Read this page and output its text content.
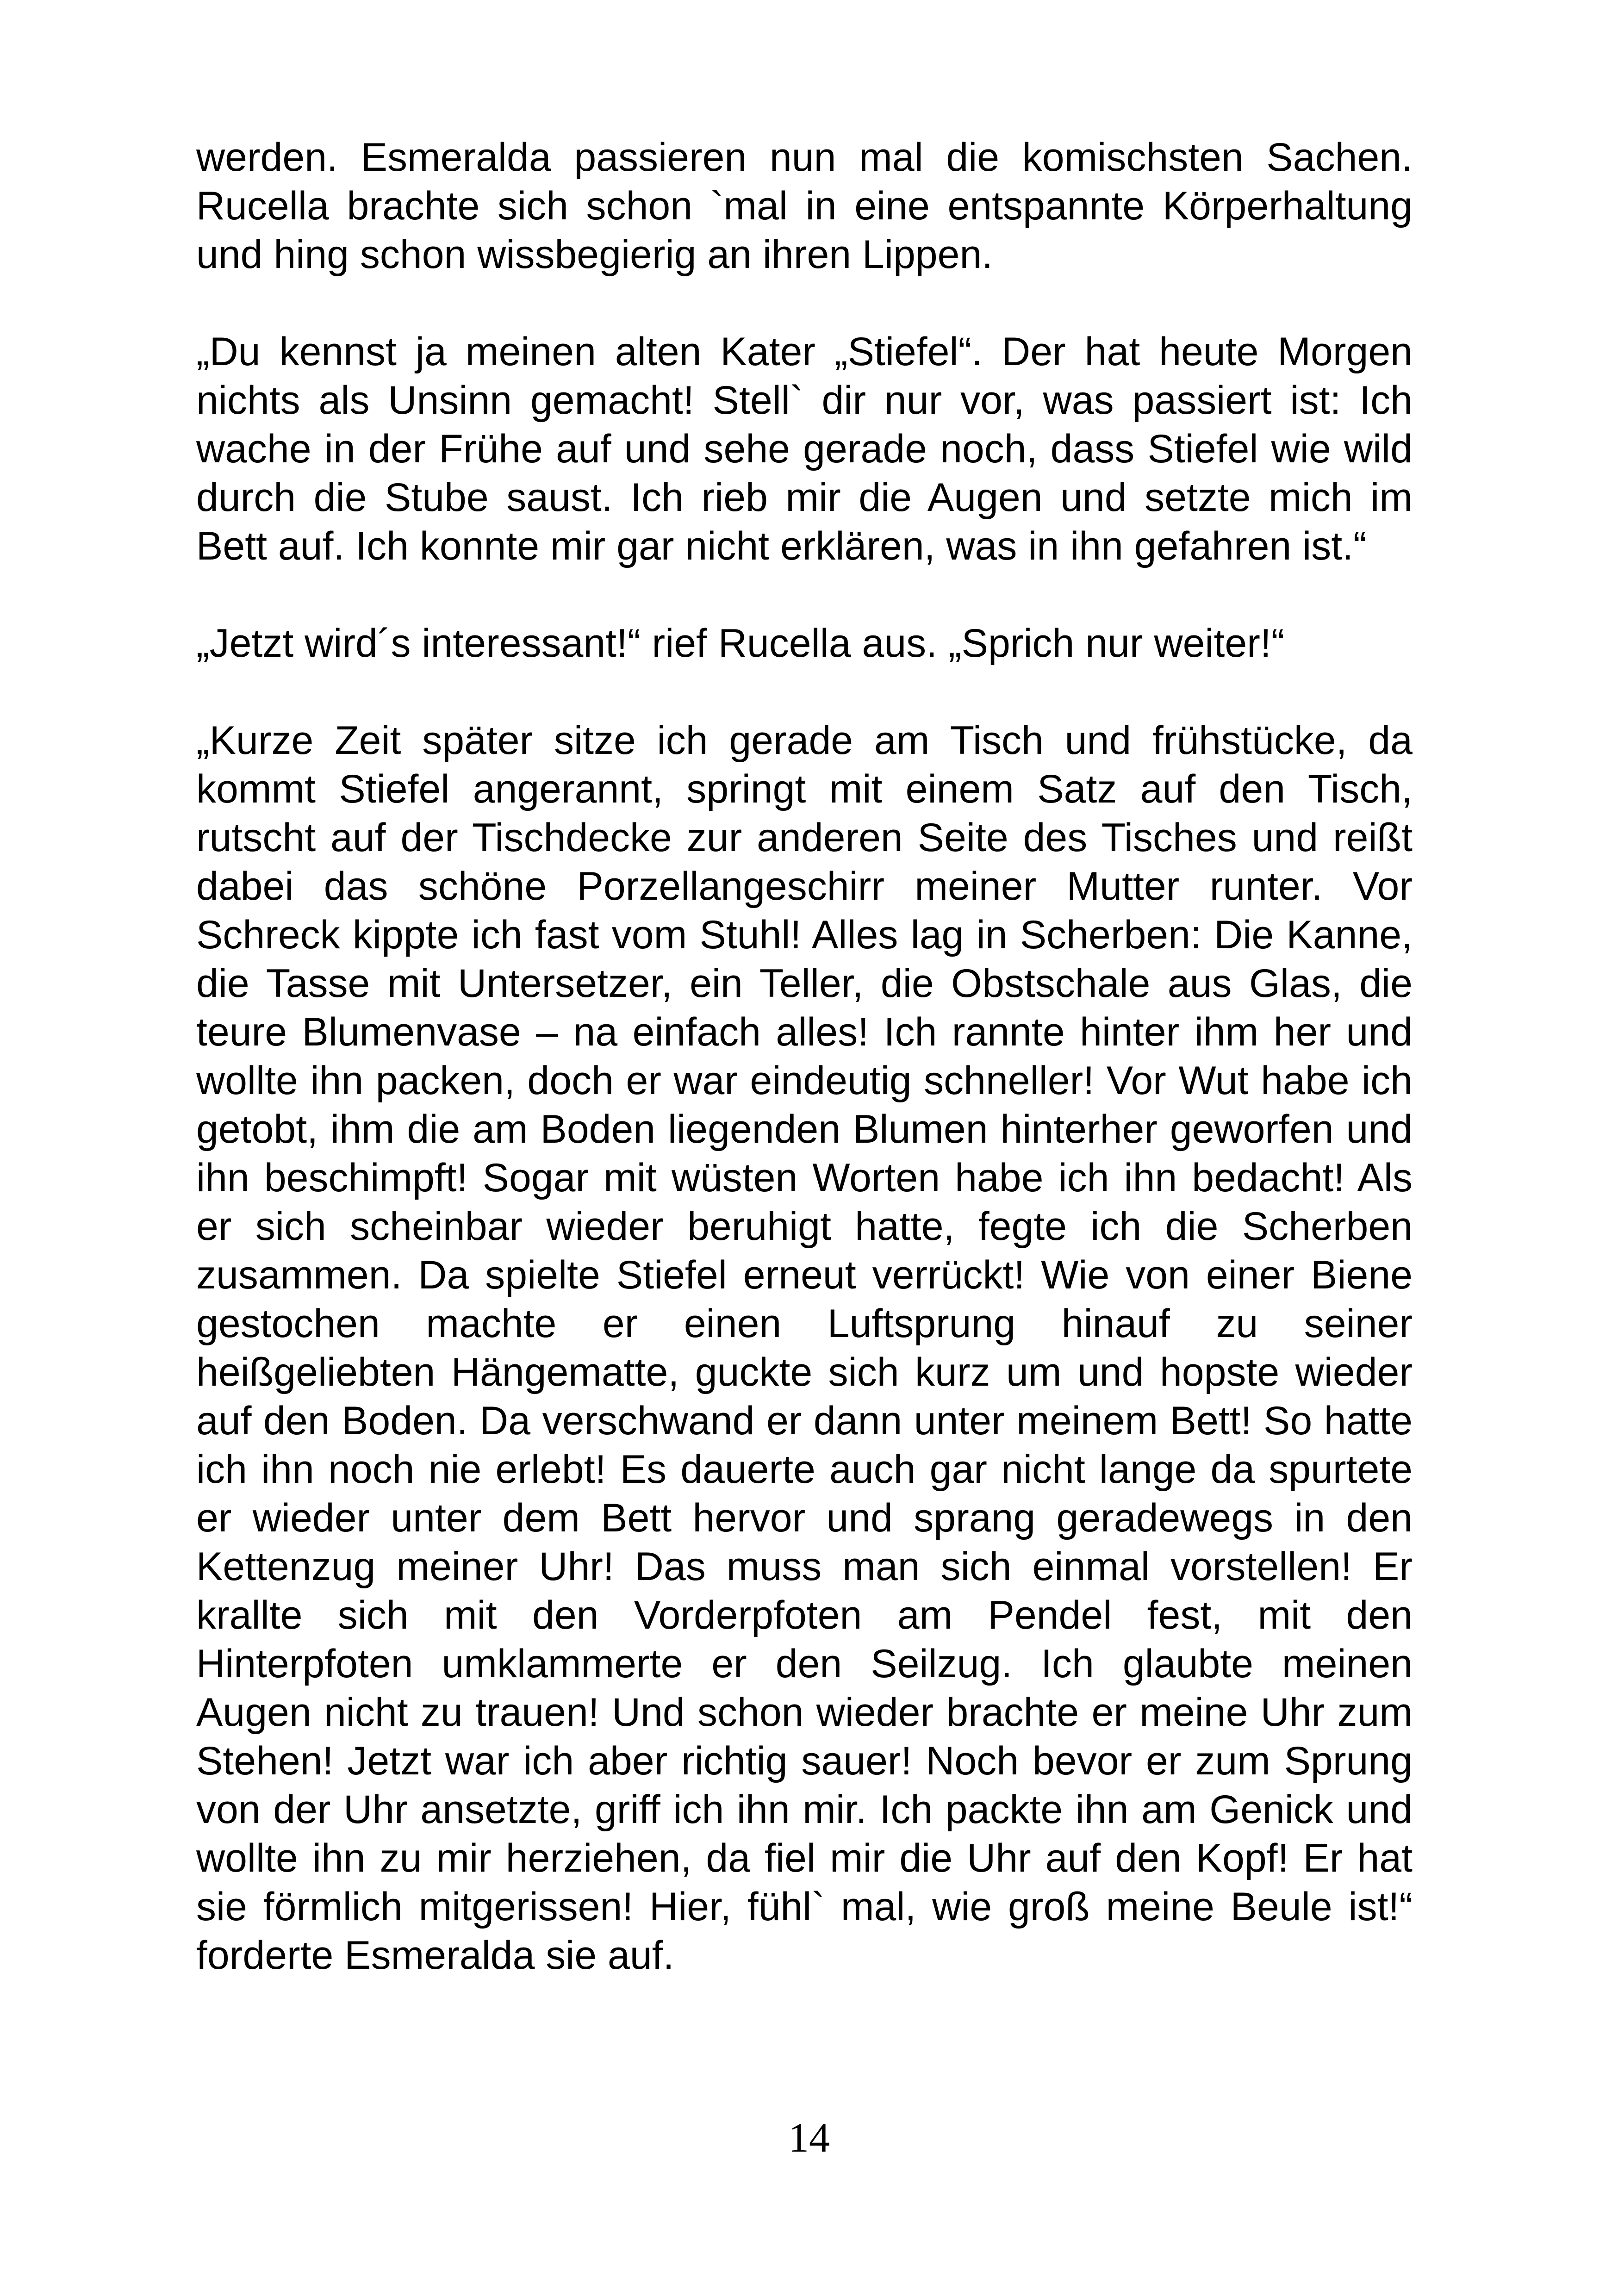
werden. Esmeralda passieren nun mal die komischsten Sachen. Rucella brachte sich schon `mal in eine entspannte Körperhaltung und hing schon wissbegierig an ihren Lippen.

„Du kennst ja meinen alten Kater „Stiefel“. Der hat heute Morgen nichts als Unsinn gemacht! Stell` dir nur vor, was passiert ist: Ich wache in der Frühe auf und sehe gerade noch, dass Stiefel wie wild durch die Stube saust. Ich rieb mir die Augen und setzte mich im Bett auf. Ich konnte mir gar nicht erklären, was in ihn gefahren ist.“

„Jetzt wird´s interessant!“ rief Rucella aus. „Sprich nur weiter!“

„Kurze Zeit später sitze ich gerade am Tisch und frühstücke, da kommt Stiefel angerannt, springt mit einem Satz auf den Tisch, rutscht auf der Tischdecke zur anderen Seite des Tisches und reißt dabei das schöne Porzellangeschirr meiner Mutter runter. Vor Schreck kippte ich fast vom Stuhl! Alles lag in Scherben: Die Kanne, die Tasse mit Untersetzer, ein Teller, die Obstschale aus Glas, die teure Blumenvase – na einfach alles! Ich rannte hinter ihm her und wollte ihn packen, doch er war eindeutig schneller! Vor Wut habe ich getobt, ihm die am Boden liegenden Blumen hinterher geworfen und ihn beschimpft! Sogar mit wüsten Worten habe ich ihn bedacht! Als er sich scheinbar wieder beruhigt hatte, fegte ich die Scherben zusammen. Da spielte Stiefel erneut verrückt! Wie von einer Biene gestochen machte er einen Luftsprung hinauf zu seiner heißgeliebten Hängematte, guckte sich kurz um und hopste wieder auf den Boden. Da verschwand er dann unter meinem Bett! So hatte ich ihn noch nie erlebt! Es dauerte auch gar nicht lange da spurtete er wieder unter dem Bett hervor und sprang geradewegs in den Kettenzug meiner Uhr! Das muss man sich einmal vorstellen! Er krallte sich mit den Vorderpfoten am Pendel fest, mit den Hinterpfoten umklammerte er den Seilzug. Ich glaubte meinen Augen nicht zu trauen! Und schon wieder brachte er meine Uhr zum Stehen! Jetzt war ich aber richtig sauer! Noch bevor er zum Sprung von der Uhr ansetzte, griff ich ihn mir. Ich packte ihn am Genick und wollte ihn zu mir herziehen, da fiel mir die Uhr auf den Kopf! Er hat sie förmlich mitgerissen! Hier, fühl` mal, wie groß meine Beule ist!“ forderte Esmeralda sie auf.

14
